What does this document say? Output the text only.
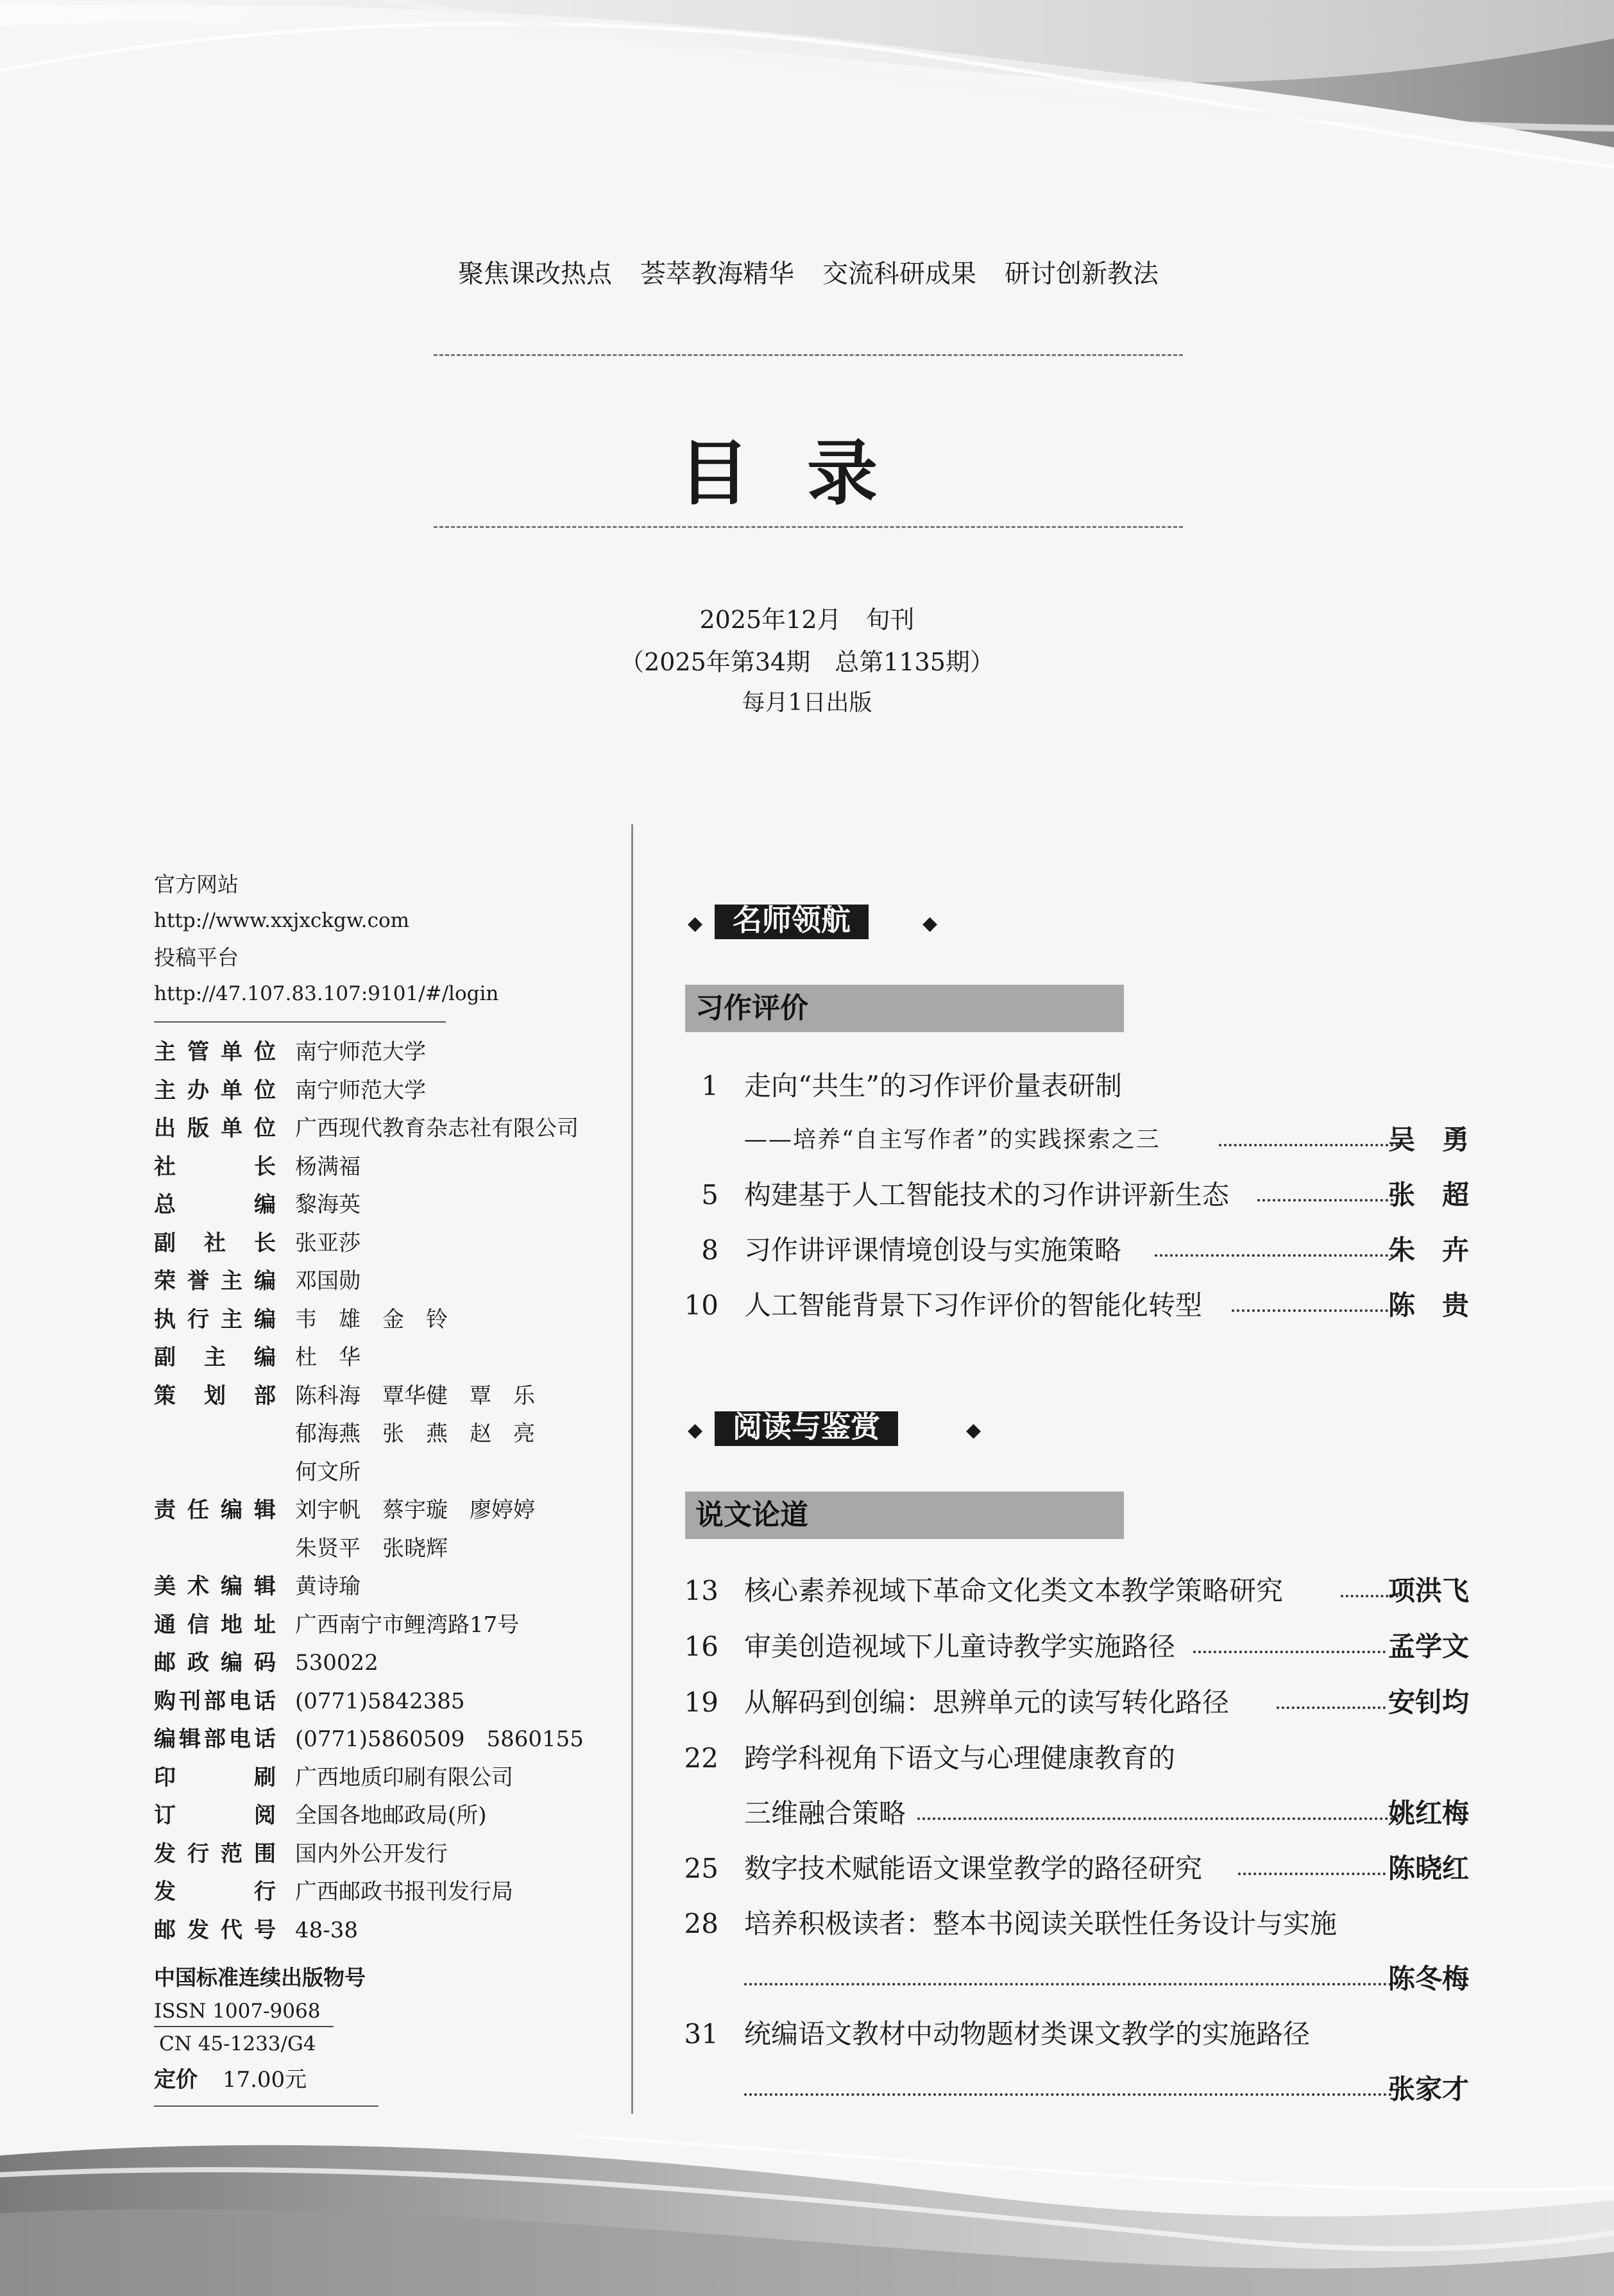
聚焦课改热点 荟萃教海精华 交流科研成果 研讨创新教法
目录
2025年12月　旬刊
（2025年第34期　总第1135期）
每月1日出版
官方网站
http://www.xxjxckgw.com
投稿平台
http://47.107.83.107:9101/#/login
主管单位 南宁师范大学
主办单位 南宁师范大学
出版单位 广西现代教育杂志社有限公司
社长 杨满福
总编 黎海英
副社长 张亚莎
荣誉主编 邓国勋
执行主编 韦　雄　金　铃
副主编 杜　华
策划部 陈科海　覃华健　覃　乐
郁海燕　张　燕　赵　亮
何文所
责任编辑 刘宇帆　蔡宇璇　廖婷婷
朱贤平　张晓辉
美术编辑 黄诗瑜
通信地址 广西南宁市鲤湾路17号
邮政编码 530022
购刊部电话 (0771)5842385
编辑部电话 (0771)5860509　5860155
印刷 广西地质印刷有限公司
订阅 全国各地邮政局(所)
发行范围 国内外公开发行
发行 广西邮政书报刊发行局
邮发代号 48-38
中国标准连续出版物号
ISSN 1007-9068
CN 45-1233/G4
定价 17.00元
◆	名师领航	◆
习作评价
1 走向“共生”的习作评价量表研制
——培养“自主写作者”的实践探索之三	吴　勇
5 构建基于人工智能技术的习作讲评新生态	张　超
8 习作讲评课情境创设与实施策略	朱　卉
10 人工智能背景下习作评价的智能化转型	陈　贵
◆	阅读与鉴赏	◆
说文论道
13 核心素养视域下革命文化类文本教学策略研究	项洪飞
16 审美创造视域下儿童诗教学实施路径	孟学文
19 从解码到创编：思辨单元的读写转化路径	安钊均
22 跨学科视角下语文与心理健康教育的
三维融合策略	姚红梅
25 数字技术赋能语文课堂教学的路径研究	陈晓红
28 培养积极读者：整本书阅读关联性任务设计与实施
陈冬梅
31 统编语文教材中动物题材类课文教学的实施路径
张家才
